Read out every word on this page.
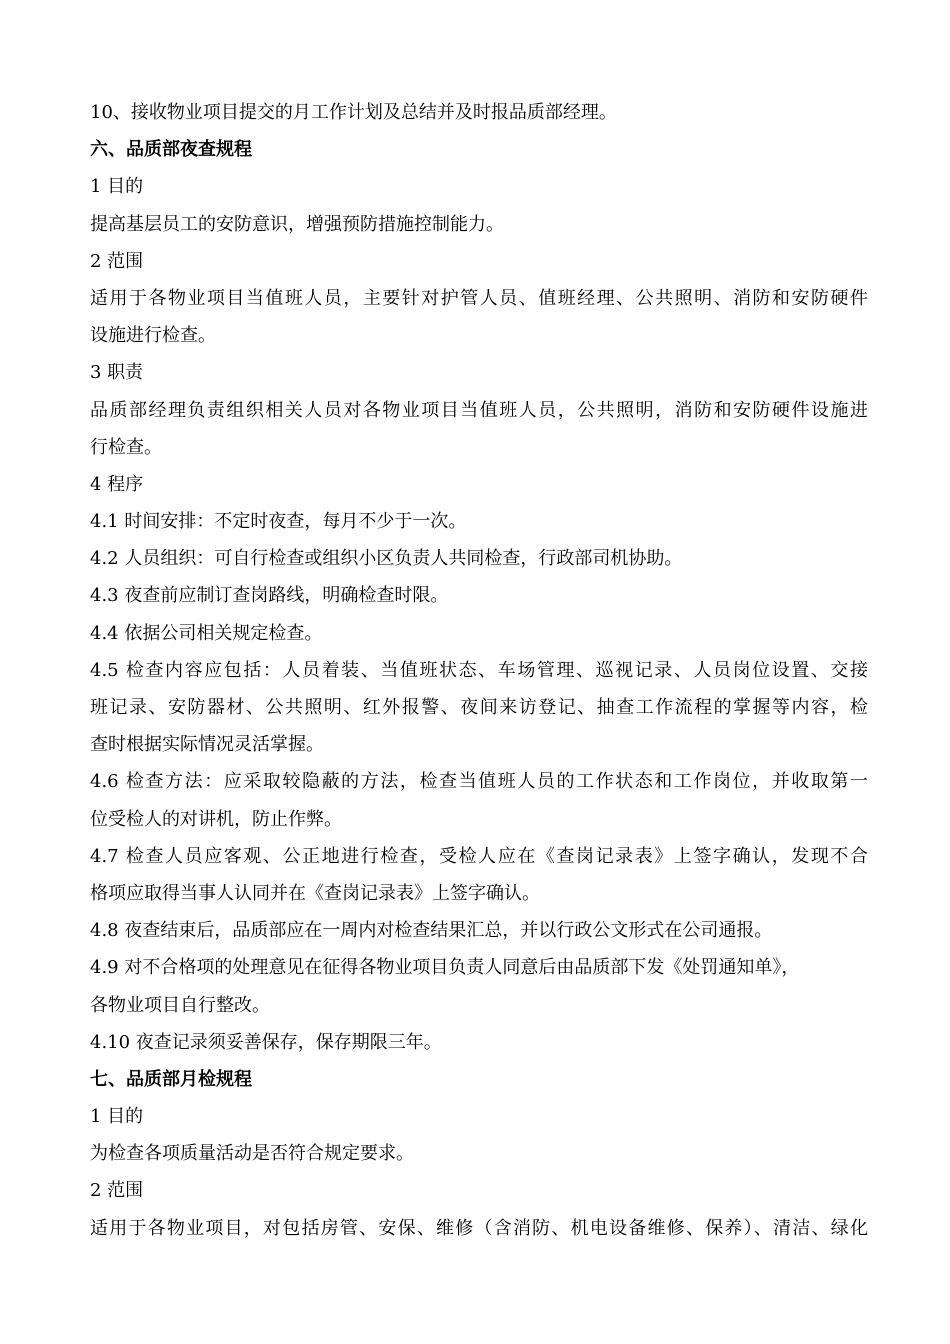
10、接收物业项目提交的月工作计划及总结并及时报品质部经理。
六、品质部夜查规程
1 目的
提高基层员工的安防意识，增强预防措施控制能力。
2 范围
适用于各物业项目当值班人员，主要针对护管人员、值班经理、公共照明、消防和安防硬件
设施进行检查。
3 职责
品质部经理负责组织相关人员对各物业项目当值班人员，公共照明，消防和安防硬件设施进
行检查。
4 程序
4.1 时间安排：不定时夜查，每月不少于一次。
4.2 人员组织：可自行检查或组织小区负责人共同检查，行政部司机协助。
4.3 夜查前应制订查岗路线，明确检查时限。
4.4 依据公司相关规定检查。
4.5 检查内容应包括：人员着装、当值班状态、车场管理、巡视记录、人员岗位设置、交接
班记录、安防器材、公共照明、红外报警、夜间来访登记、抽查工作流程的掌握等内容，检
查时根据实际情况灵活掌握。
4.6 检查方法：应采取较隐蔽的方法，检查当值班人员的工作状态和工作岗位，并收取第一
位受检人的对讲机，防止作弊。
4.7 检查人员应客观、公正地进行检查，受检人应在《查岗记录表》上签字确认，发现不合
格项应取得当事人认同并在《查岗记录表》上签字确认。
4.8 夜查结束后，品质部应在一周内对检查结果汇总，并以行政公文形式在公司通报。
4.9 对不合格项的处理意见在征得各物业项目负责人同意后由品质部下发《处罚通知单》，
各物业项目自行整改。
4.10 夜查记录须妥善保存，保存期限三年。
七、品质部月检规程
1 目的
为检查各项质量活动是否符合规定要求。
2 范围
适用于各物业项目，对包括房管、安保、维修（含消防、机电设备维修、保养）、清洁、绿化
